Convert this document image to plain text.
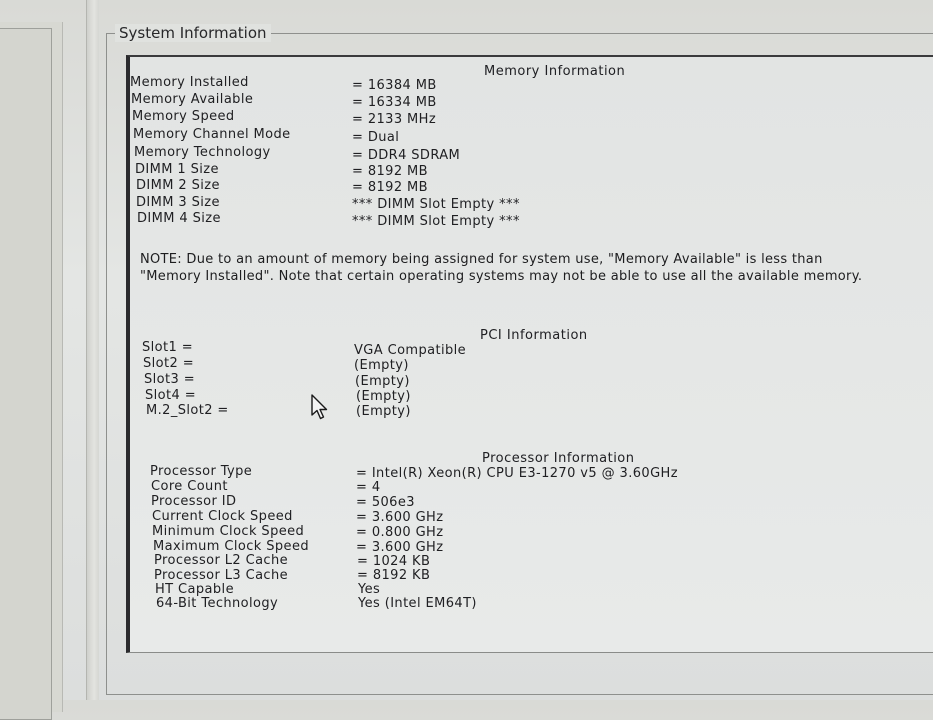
System Information
Memory Information
Memory Installed	= 16384 MB
Memory Available	= 16334 MB
Memory Speed	= 2133 MHz
Memory Channel Mode	= Dual
Memory Technology	= DDR4 SDRAM
DIMM 1 Size	= 8192 MB
DIMM 2 Size	= 8192 MB
DIMM 3 Size	*** DIMM Slot Empty ***
DIMM 4 Size	*** DIMM Slot Empty ***
NOTE: Due to an amount of memory being assigned for system use, "Memory Available" is less than "Memory Installed". Note that certain operating systems may not be able to use all the available memory.
PCI Information
Slot1 =	VGA Compatible
Slot2 =	(Empty)
Slot3 =	(Empty)
Slot4 =	(Empty)
M.2_Slot2 =	(Empty)
Processor Information
Processor Type	= Intel(R) Xeon(R) CPU E3-1270 v5 @ 3.60GHz
Core Count	= 4
Processor ID	= 506e3
Current Clock Speed	= 3.600 GHz
Minimum Clock Speed	= 0.800 GHz
Maximum Clock Speed	= 3.600 GHz
Processor L2 Cache	= 1024 KB
Processor L3 Cache	= 8192 KB
HT Capable	Yes
64-Bit Technology	Yes (Intel EM64T)
